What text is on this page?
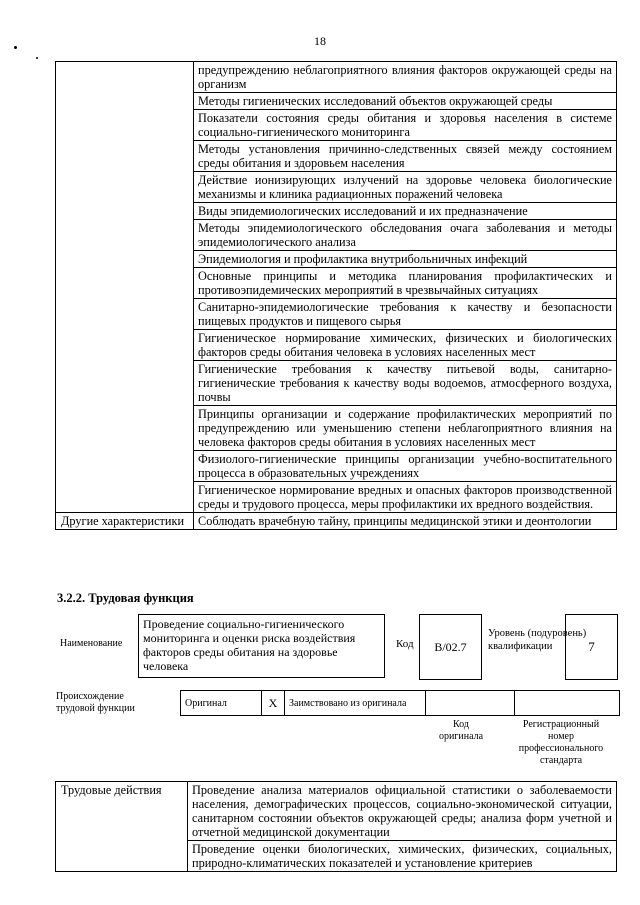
18
	предупреждению неблагоприятного влияния факторов окружающей среды на организм
	Методы гигиенических исследований объектов окружающей среды
	Показатели состояния среды обитания и здоровья населения в системе социально-гигиенического мониторинга
	Методы установления причинно-следственных связей между состоянием среды обитания и здоровьем населения
	Действие ионизирующих излучений на здоровье человека биологические механизмы и клиника радиационных поражений человека
	Виды эпидемиологических исследований и их предназначение
	Методы эпидемиологического обследования очага заболевания и методы эпидемиологического анализа
	Эпидемиология и профилактика внутрибольничных инфекций
	Основные принципы и методика планирования профилактических и противоэпидемических мероприятий в чрезвычайных ситуациях
	Санитарно-эпидемиологические требования к качеству и безопасности пищевых продуктов и пищевого сырья
	Гигиеническое нормирование химических, физических и биологических факторов среды обитания человека в условиях населенных мест
	Гигиенические требования к качеству питьевой воды, санитарно-гигиенические требования к качеству воды водоемов, атмосферного воздуха, почвы
	Принципы организации и содержание профилактических мероприятий по предупреждению или уменьшению степени неблагоприятного влияния на человека факторов среды обитания в условиях населенных мест
	Физиолого-гигиенические принципы организации учебно-воспитательного процесса в образовательных учреждениях
	Гигиеническое нормирование вредных и опасных факторов производственной среды и трудового процесса, меры профилактики их вредного воздействия.
Другие характеристики	Соблюдать врачебную тайну, принципы медицинской этики и деонтологии
3.2.2. Трудовая функция
Наименование
Проведение социально-гигиенического мониторинга и оценки риска воздействия факторов среды обитания на здоровье человека
Код	B/02.7
Уровень (подуровень) квалификации	7
Происхождение трудовой функции	Оригинал	X	Заимствовано из оригинала		
Код оригинала
Регистрационный номер профессионального стандарта
Трудовые действия	Проведение анализа материалов официальной статистики о заболеваемости населения, демографических процессов, социально-экономической ситуации, санитарном состоянии объектов окружающей среды; анализа форм учетной и отчетной медицинской документации
Проведение оценки биологических, химических, физических, социальных, природно-климатических показателей и установление критериев
